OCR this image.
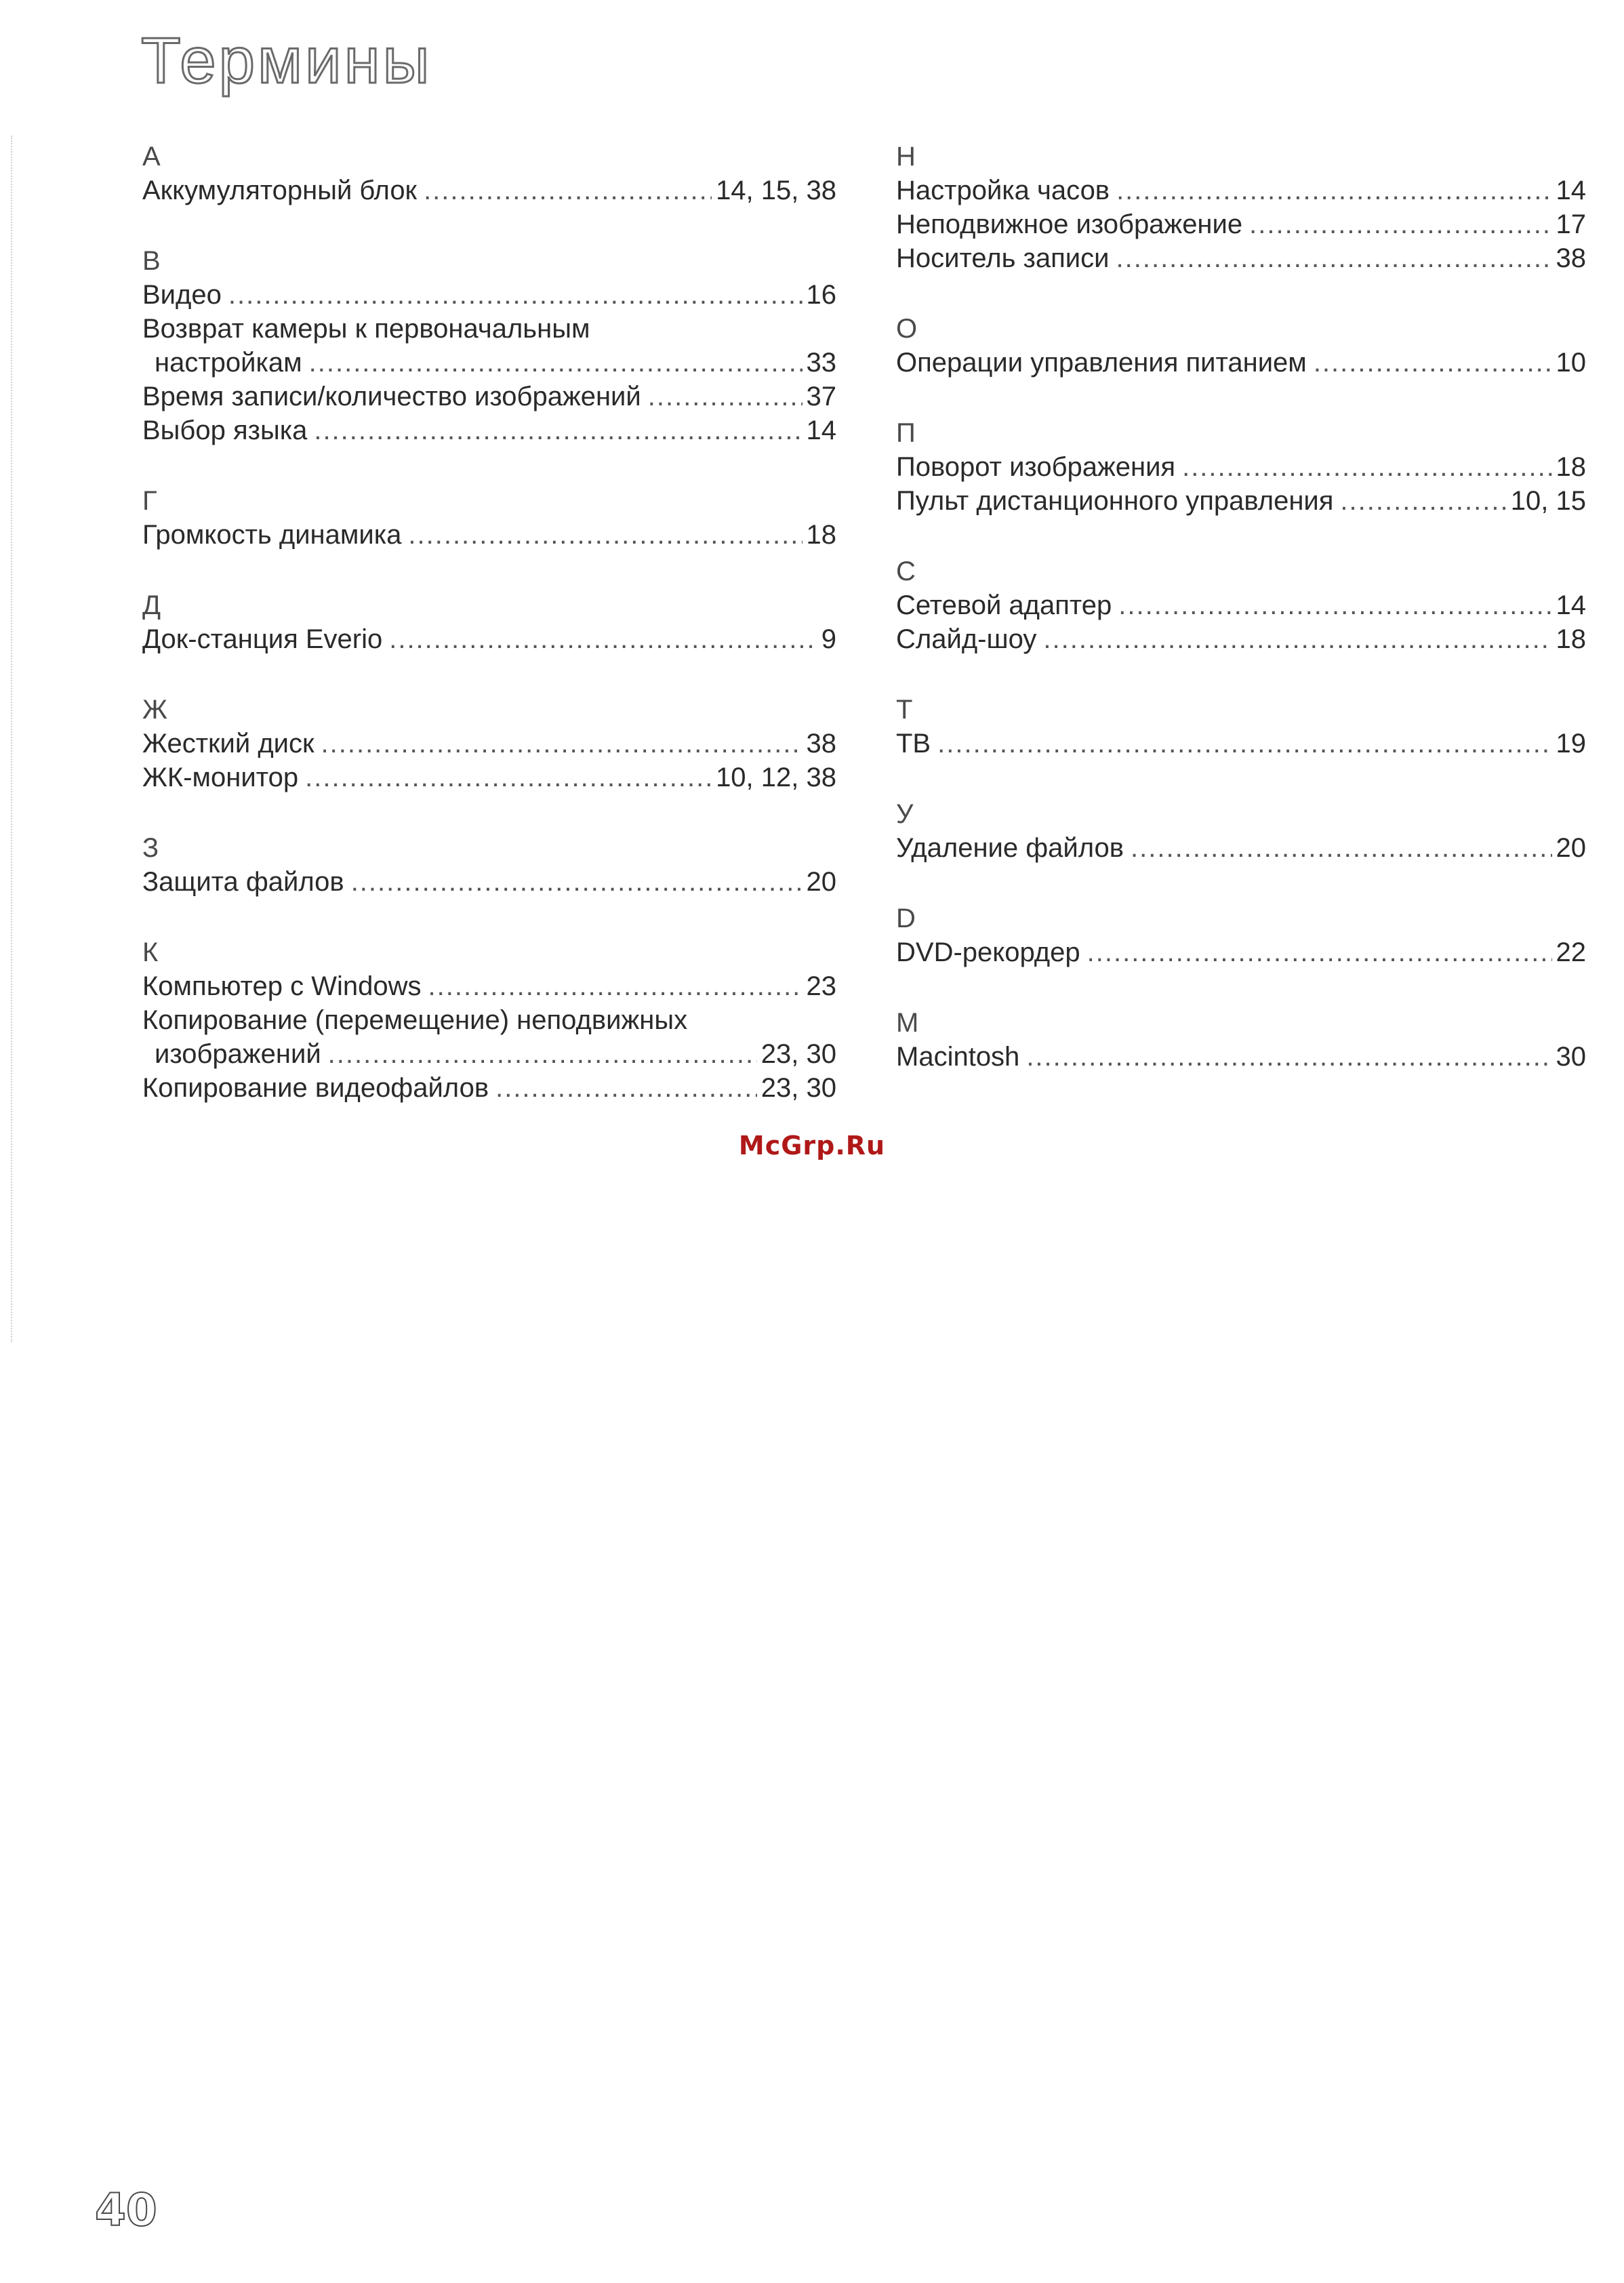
Термины
А
Аккумуляторный блок .....	14, 15, 38
В
Видео .....	16
Возврат камеры к первоначальным
настройкам .....	33
Время записи/количество изображений .....	37
Выбор языка .....	14
Г
Громкость динамика .....	18
Д
Док-станция Everio .....	9
Ж
Жесткий диск .....	38
ЖК-монитор .....	10, 12, 38
З
Защита файлов .....	20
К
Компьютер с Windows .....	23
Копирование (перемещение) неподвижных
изображений .....	23, 30
Копирование видеофайлов .....	23, 30
Н
Настройка часов .....	14
Неподвижное изображение .....	17
Носитель записи .....	38
О
Операции управления питанием .....	10
П
Поворот изображения .....	18
Пульт дистанционного управления .....	10, 15
С
Сетевой адаптер .....	14
Слайд-шоу .....	18
Т
ТВ .....	19
У
Удаление файлов .....	20
D
DVD-рекордер .....	22
M
Macintosh .....	30
McGrp.Ru
40
